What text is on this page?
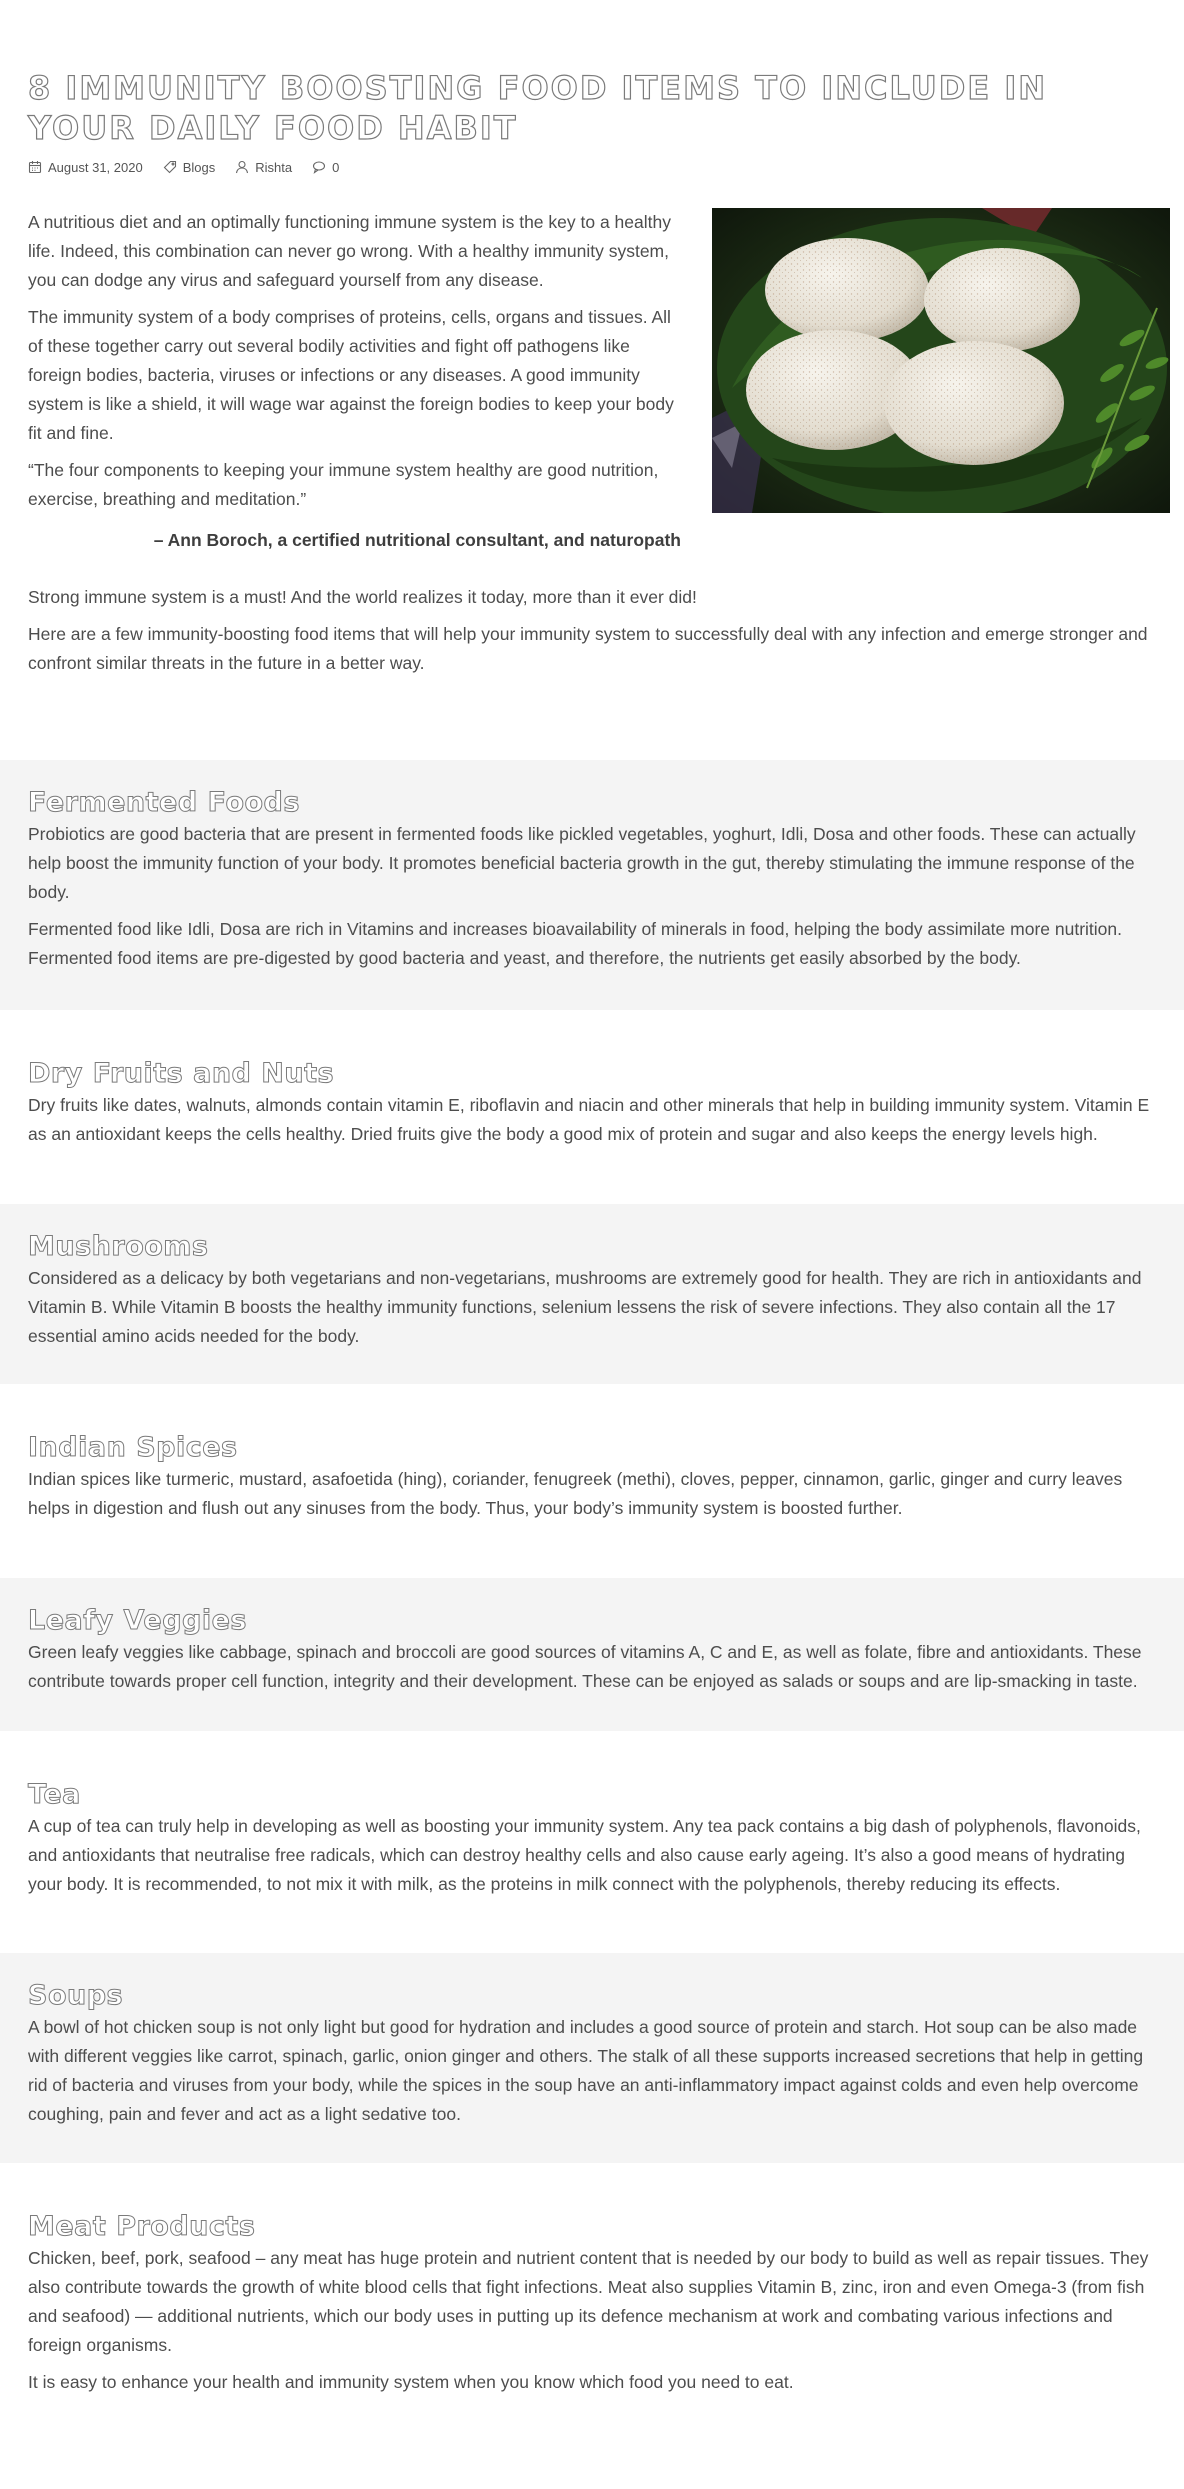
8 IMMUNITY BOOSTING FOOD ITEMS TO INCLUDE IN YOUR DAILY FOOD HABIT
August 31, 2020	Blogs	Rishta	0

A nutritious diet and an optimally functioning immune system is the key to a healthy life. Indeed, this combination can never go wrong. With a healthy immunity system, you can dodge any virus and safeguard yourself from any disease.

The immunity system of a body comprises of proteins, cells, organs and tissues. All of these together carry out several bodily activities and fight off pathogens like foreign bodies, bacteria, viruses or infections or any diseases. A good immunity system is like a shield, it will wage war against the foreign bodies to keep your body fit and fine.

“The four components to keeping your immune system healthy are good nutrition, exercise, breathing and meditation.”

– Ann Boroch, a certified nutritional consultant, and naturopath

Strong immune system is a must! And the world realizes it today, more than it ever did!

Here are a few immunity-boosting food items that will help your immunity system to successfully deal with any infection and emerge stronger and confront similar threats in the future in a better way.

Fermented Foods

Probiotics are good bacteria that are present in fermented foods like pickled vegetables, yoghurt, Idli, Dosa and other foods. These can actually help boost the immunity function of your body. It promotes beneficial bacteria growth in the gut, thereby stimulating the immune response of the body.

Fermented food like Idli, Dosa are rich in Vitamins and increases bioavailability of minerals in food, helping the body assimilate more nutrition. Fermented food items are pre-digested by good bacteria and yeast, and therefore, the nutrients get easily absorbed by the body.

Dry Fruits and Nuts

Dry fruits like dates, walnuts, almonds contain vitamin E, riboflavin and niacin and other minerals that help in building immunity system. Vitamin E as an antioxidant keeps the cells healthy. Dried fruits give the body a good mix of protein and sugar and also keeps the energy levels high.

Mushrooms

Considered as a delicacy by both vegetarians and non-vegetarians, mushrooms are extremely good for health. They are rich in antioxidants and Vitamin B. While Vitamin B boosts the healthy immunity functions, selenium lessens the risk of severe infections. They also contain all the 17 essential amino acids needed for the body.

Indian Spices

Indian spices like turmeric, mustard, asafoetida (hing), coriander, fenugreek (methi), cloves, pepper, cinnamon, garlic, ginger and curry leaves helps in digestion and flush out any sinuses from the body. Thus, your body’s immunity system is boosted further.

Leafy Veggies

Green leafy veggies like cabbage, spinach and broccoli are good sources of vitamins A, C and E, as well as folate, fibre and antioxidants. These contribute towards proper cell function, integrity and their development. These can be enjoyed as salads or soups and are lip-smacking in taste.

Tea

A cup of tea can truly help in developing as well as boosting your immunity system. Any tea pack contains a big dash of polyphenols, flavonoids, and antioxidants that neutralise free radicals, which can destroy healthy cells and also cause early ageing. It’s also a good means of hydrating your body. It is recommended, to not mix it with milk, as the proteins in milk connect with the polyphenols, thereby reducing its effects.

Soups

A bowl of hot chicken soup is not only light but good for hydration and includes a good source of protein and starch. Hot soup can be also made with different veggies like carrot, spinach, garlic, onion ginger and others. The stalk of all these supports increased secretions that help in getting rid of bacteria and viruses from your body, while the spices in the soup have an anti-inflammatory impact against colds and even help overcome coughing, pain and fever and act as a light sedative too.

Meat Products

Chicken, beef, pork, seafood – any meat has huge protein and nutrient content that is needed by our body to build as well as repair tissues. They also contribute towards the growth of white blood cells that fight infections. Meat also supplies Vitamin B, zinc, iron and even Omega-3 (from fish and seafood) — additional nutrients, which our body uses in putting up its defence mechanism at work and combating various infections and foreign organisms.

It is easy to enhance your health and immunity system when you know which food you need to eat.
